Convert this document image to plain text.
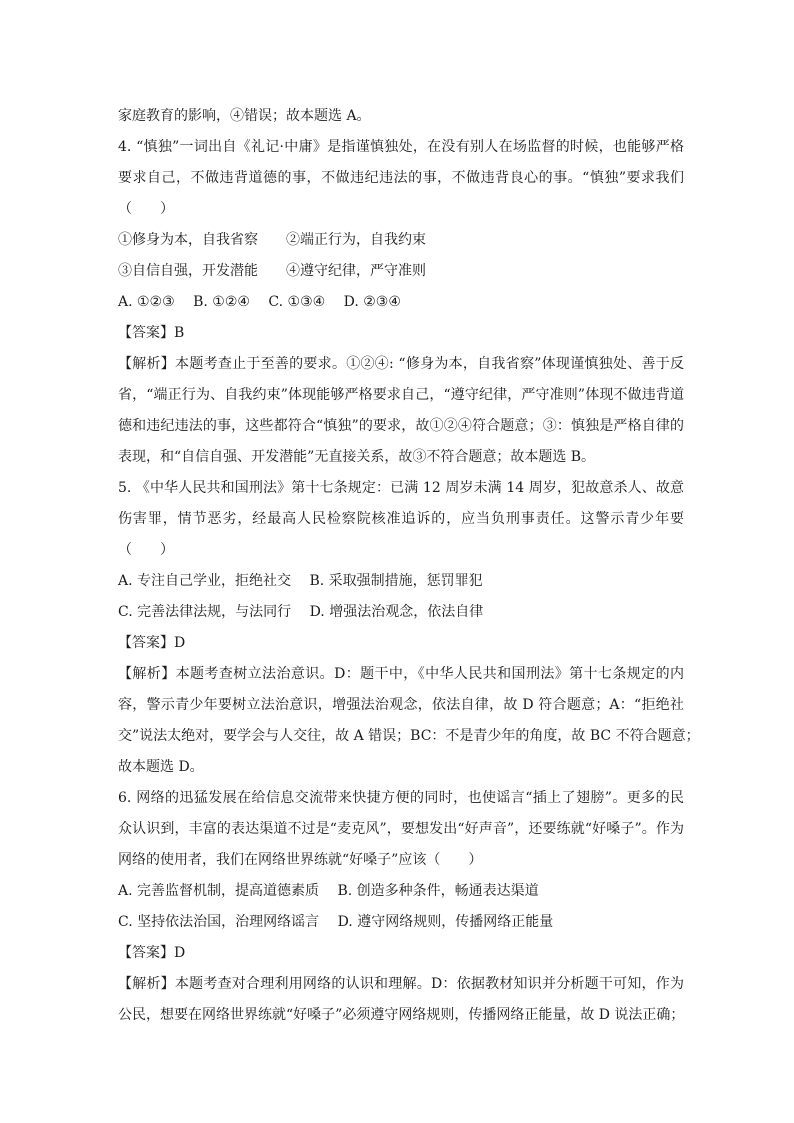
家庭教育的影响，④错误；故本题选 A。
4. “慎独”一词出自《礼记·中庸》是指谨慎独处，在没有别人在场监督的时候，也能够严格
要求自己，不做违背道德的事，不做违纪违法的事，不做违背良心的事。“慎独”要求我们
（　　）
①修身为本，自我省察　　②端正行为，自我约束
③自信自强，开发潜能　　④遵守纪律，严守准则
A. ①②③　 B. ①②④　 C. ①③④　 D. ②③④
【答案】B
【解析】本题考查止于至善的要求。①②④: “修身为本，自我省察”体现谨慎独处、善于反
省，“端正行为、自我约束”体现能够严格要求自己，“遵守纪律，严守准则”体现不做违背道
德和违纪违法的事，这些都符合“慎独”的要求，故①②④符合题意；③：慎独是严格自律的
表现，和“自信自强、开发潜能”无直接关系，故③不符合题意；故本题选 B。
5. 《中华人民共和国刑法》第十七条规定：已满 12 周岁未满 14 周岁，犯故意杀人、故意
伤害罪，情节恶劣，经最高人民检察院核准追诉的，应当负刑事责任。这警示青少年要
（　　）
A. 专注自己学业，拒绝社交　 B. 采取强制措施，惩罚罪犯
C. 完善法律法规，与法同行　 D. 增强法治观念，依法自律
【答案】D
【解析】本题考查树立法治意识。D：题干中，《中华人民共和国刑法》第十七条规定的内
容，警示青少年要树立法治意识，增强法治观念，依法自律，故 D 符合题意；A：“拒绝社
交”说法太绝对，要学会与人交往，故 A 错误；BC：不是青少年的角度，故 BC 不符合题意；
故本题选 D。
6. 网络的迅猛发展在给信息交流带来快捷方便的同时，也使谣言“插上了翅膀”。更多的民
众认识到，丰富的表达渠道不过是“麦克风”，要想发出“好声音”，还要练就“好嗓子”。作为
网络的使用者，我们在网络世界练就“好嗓子”应该（　　）
A. 完善监督机制，提高道德素质　 B. 创造多种条件，畅通表达渠道
C. 坚持依法治国，治理网络谣言　 D. 遵守网络规则，传播网络正能量
【答案】D
【解析】本题考查对合理利用网络的认识和理解。D：依据教材知识并分析题干可知，作为
公民，想要在网络世界练就“好嗓子”必须遵守网络规则，传播网络正能量，故 D 说法正确；
